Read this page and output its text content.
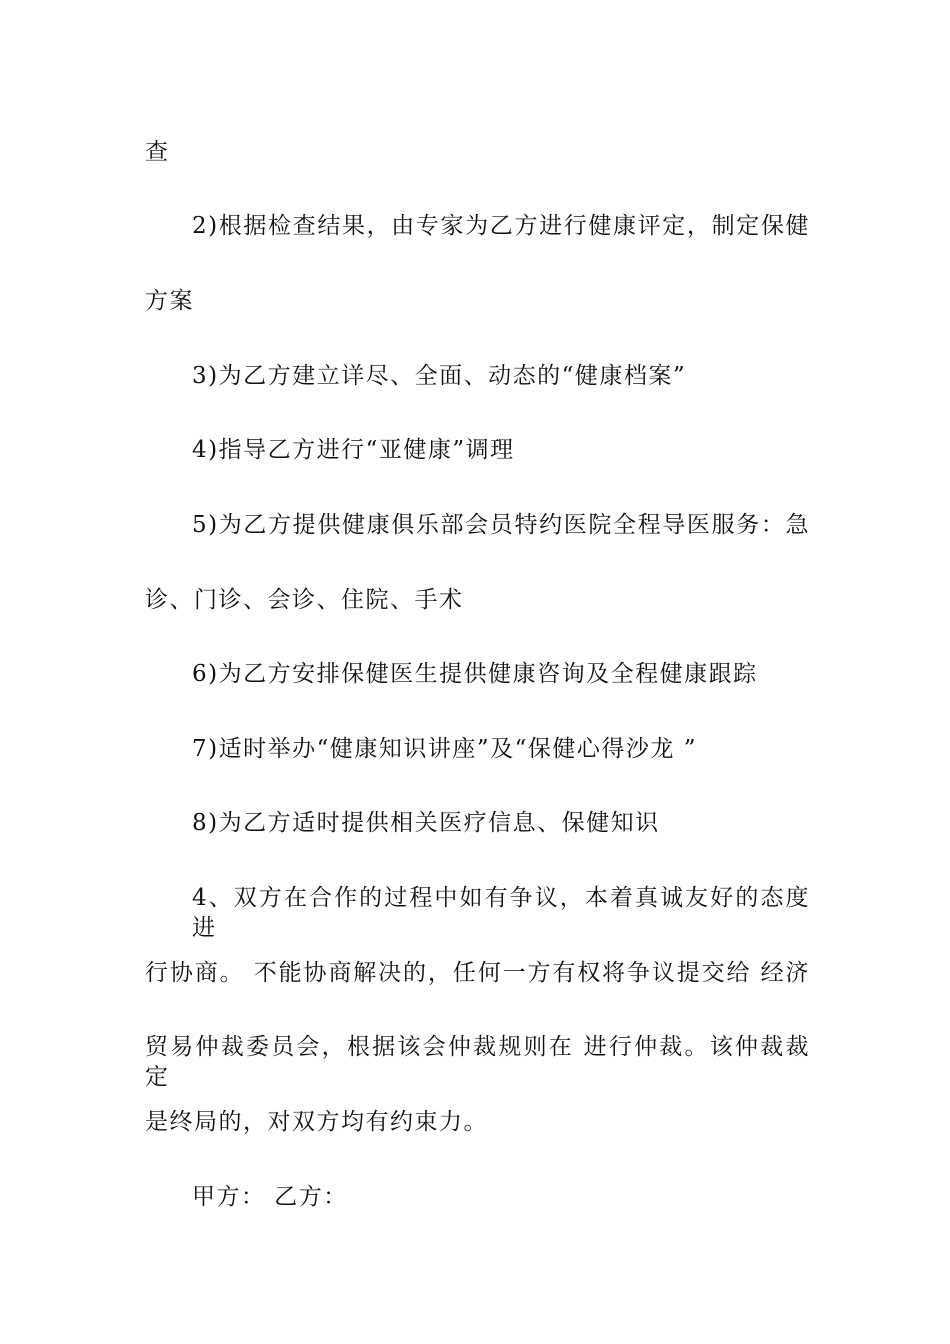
查
2)根据检查结果，由专家为乙方进行健康评定，制定保健
方案
3)为乙方建立详尽、全面、动态的“健康档案”
4)指导乙方进行“亚健康”调理
5)为乙方提供健康俱乐部会员特约医院全程导医服务：急
诊、门诊、会诊、住院、手术
6)为乙方安排保健医生提供健康咨询及全程健康跟踪
7)适时举办“健康知识讲座”及“保健心得沙龙 ”
8)为乙方适时提供相关医疗信息、保健知识
4、双方在合作的过程中如有争议，本着真诚友好的态度进
行协商。 不能协商解决的，任何一方有权将争议提交给 经济
贸易仲裁委员会，根据该会仲裁规则在 进行仲裁。该仲裁裁定
是终局的，对双方均有约束力。
甲方： 乙方：
